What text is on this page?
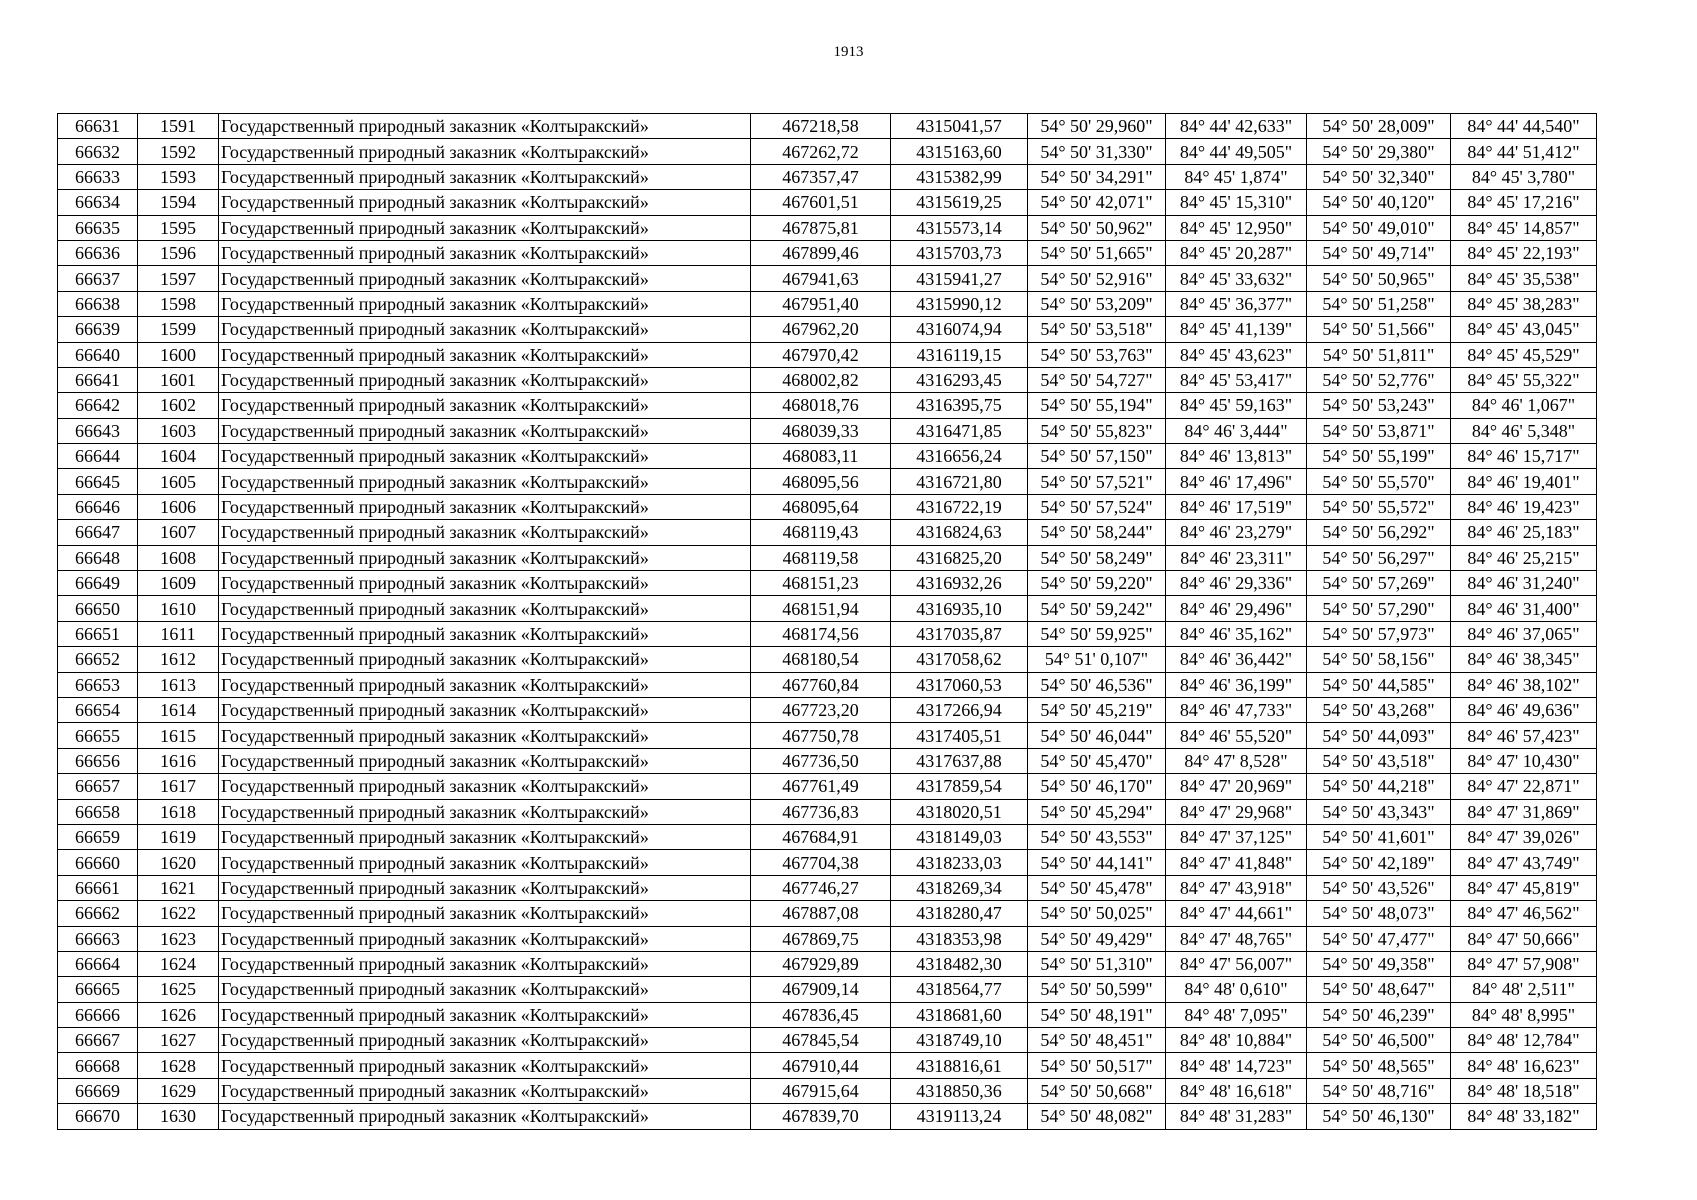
1913
66631	1591	Государственный природный заказник «Колтыракский»	467218,58	4315041,57	54° 50' 29,960"	84° 44' 42,633"	54° 50' 28,009"	84° 44' 44,540"
66632	1592	Государственный природный заказник «Колтыракский»	467262,72	4315163,60	54° 50' 31,330"	84° 44' 49,505"	54° 50' 29,380"	84° 44' 51,412"
66633	1593	Государственный природный заказник «Колтыракский»	467357,47	4315382,99	54° 50' 34,291"	84° 45' 1,874"	54° 50' 32,340"	84° 45' 3,780"
66634	1594	Государственный природный заказник «Колтыракский»	467601,51	4315619,25	54° 50' 42,071"	84° 45' 15,310"	54° 50' 40,120"	84° 45' 17,216"
66635	1595	Государственный природный заказник «Колтыракский»	467875,81	4315573,14	54° 50' 50,962"	84° 45' 12,950"	54° 50' 49,010"	84° 45' 14,857"
66636	1596	Государственный природный заказник «Колтыракский»	467899,46	4315703,73	54° 50' 51,665"	84° 45' 20,287"	54° 50' 49,714"	84° 45' 22,193"
66637	1597	Государственный природный заказник «Колтыракский»	467941,63	4315941,27	54° 50' 52,916"	84° 45' 33,632"	54° 50' 50,965"	84° 45' 35,538"
66638	1598	Государственный природный заказник «Колтыракский»	467951,40	4315990,12	54° 50' 53,209"	84° 45' 36,377"	54° 50' 51,258"	84° 45' 38,283"
66639	1599	Государственный природный заказник «Колтыракский»	467962,20	4316074,94	54° 50' 53,518"	84° 45' 41,139"	54° 50' 51,566"	84° 45' 43,045"
66640	1600	Государственный природный заказник «Колтыракский»	467970,42	4316119,15	54° 50' 53,763"	84° 45' 43,623"	54° 50' 51,811"	84° 45' 45,529"
66641	1601	Государственный природный заказник «Колтыракский»	468002,82	4316293,45	54° 50' 54,727"	84° 45' 53,417"	54° 50' 52,776"	84° 45' 55,322"
66642	1602	Государственный природный заказник «Колтыракский»	468018,76	4316395,75	54° 50' 55,194"	84° 45' 59,163"	54° 50' 53,243"	84° 46' 1,067"
66643	1603	Государственный природный заказник «Колтыракский»	468039,33	4316471,85	54° 50' 55,823"	84° 46' 3,444"	54° 50' 53,871"	84° 46' 5,348"
66644	1604	Государственный природный заказник «Колтыракский»	468083,11	4316656,24	54° 50' 57,150"	84° 46' 13,813"	54° 50' 55,199"	84° 46' 15,717"
66645	1605	Государственный природный заказник «Колтыракский»	468095,56	4316721,80	54° 50' 57,521"	84° 46' 17,496"	54° 50' 55,570"	84° 46' 19,401"
66646	1606	Государственный природный заказник «Колтыракский»	468095,64	4316722,19	54° 50' 57,524"	84° 46' 17,519"	54° 50' 55,572"	84° 46' 19,423"
66647	1607	Государственный природный заказник «Колтыракский»	468119,43	4316824,63	54° 50' 58,244"	84° 46' 23,279"	54° 50' 56,292"	84° 46' 25,183"
66648	1608	Государственный природный заказник «Колтыракский»	468119,58	4316825,20	54° 50' 58,249"	84° 46' 23,311"	54° 50' 56,297"	84° 46' 25,215"
66649	1609	Государственный природный заказник «Колтыракский»	468151,23	4316932,26	54° 50' 59,220"	84° 46' 29,336"	54° 50' 57,269"	84° 46' 31,240"
66650	1610	Государственный природный заказник «Колтыракский»	468151,94	4316935,10	54° 50' 59,242"	84° 46' 29,496"	54° 50' 57,290"	84° 46' 31,400"
66651	1611	Государственный природный заказник «Колтыракский»	468174,56	4317035,87	54° 50' 59,925"	84° 46' 35,162"	54° 50' 57,973"	84° 46' 37,065"
66652	1612	Государственный природный заказник «Колтыракский»	468180,54	4317058,62	54° 51' 0,107"	84° 46' 36,442"	54° 50' 58,156"	84° 46' 38,345"
66653	1613	Государственный природный заказник «Колтыракский»	467760,84	4317060,53	54° 50' 46,536"	84° 46' 36,199"	54° 50' 44,585"	84° 46' 38,102"
66654	1614	Государственный природный заказник «Колтыракский»	467723,20	4317266,94	54° 50' 45,219"	84° 46' 47,733"	54° 50' 43,268"	84° 46' 49,636"
66655	1615	Государственный природный заказник «Колтыракский»	467750,78	4317405,51	54° 50' 46,044"	84° 46' 55,520"	54° 50' 44,093"	84° 46' 57,423"
66656	1616	Государственный природный заказник «Колтыракский»	467736,50	4317637,88	54° 50' 45,470"	84° 47' 8,528"	54° 50' 43,518"	84° 47' 10,430"
66657	1617	Государственный природный заказник «Колтыракский»	467761,49	4317859,54	54° 50' 46,170"	84° 47' 20,969"	54° 50' 44,218"	84° 47' 22,871"
66658	1618	Государственный природный заказник «Колтыракский»	467736,83	4318020,51	54° 50' 45,294"	84° 47' 29,968"	54° 50' 43,343"	84° 47' 31,869"
66659	1619	Государственный природный заказник «Колтыракский»	467684,91	4318149,03	54° 50' 43,553"	84° 47' 37,125"	54° 50' 41,601"	84° 47' 39,026"
66660	1620	Государственный природный заказник «Колтыракский»	467704,38	4318233,03	54° 50' 44,141"	84° 47' 41,848"	54° 50' 42,189"	84° 47' 43,749"
66661	1621	Государственный природный заказник «Колтыракский»	467746,27	4318269,34	54° 50' 45,478"	84° 47' 43,918"	54° 50' 43,526"	84° 47' 45,819"
66662	1622	Государственный природный заказник «Колтыракский»	467887,08	4318280,47	54° 50' 50,025"	84° 47' 44,661"	54° 50' 48,073"	84° 47' 46,562"
66663	1623	Государственный природный заказник «Колтыракский»	467869,75	4318353,98	54° 50' 49,429"	84° 47' 48,765"	54° 50' 47,477"	84° 47' 50,666"
66664	1624	Государственный природный заказник «Колтыракский»	467929,89	4318482,30	54° 50' 51,310"	84° 47' 56,007"	54° 50' 49,358"	84° 47' 57,908"
66665	1625	Государственный природный заказник «Колтыракский»	467909,14	4318564,77	54° 50' 50,599"	84° 48' 0,610"	54° 50' 48,647"	84° 48' 2,511"
66666	1626	Государственный природный заказник «Колтыракский»	467836,45	4318681,60	54° 50' 48,191"	84° 48' 7,095"	54° 50' 46,239"	84° 48' 8,995"
66667	1627	Государственный природный заказник «Колтыракский»	467845,54	4318749,10	54° 50' 48,451"	84° 48' 10,884"	54° 50' 46,500"	84° 48' 12,784"
66668	1628	Государственный природный заказник «Колтыракский»	467910,44	4318816,61	54° 50' 50,517"	84° 48' 14,723"	54° 50' 48,565"	84° 48' 16,623"
66669	1629	Государственный природный заказник «Колтыракский»	467915,64	4318850,36	54° 50' 50,668"	84° 48' 16,618"	54° 50' 48,716"	84° 48' 18,518"
66670	1630	Государственный природный заказник «Колтыракский»	467839,70	4319113,24	54° 50' 48,082"	84° 48' 31,283"	54° 50' 46,130"	84° 48' 33,182"
